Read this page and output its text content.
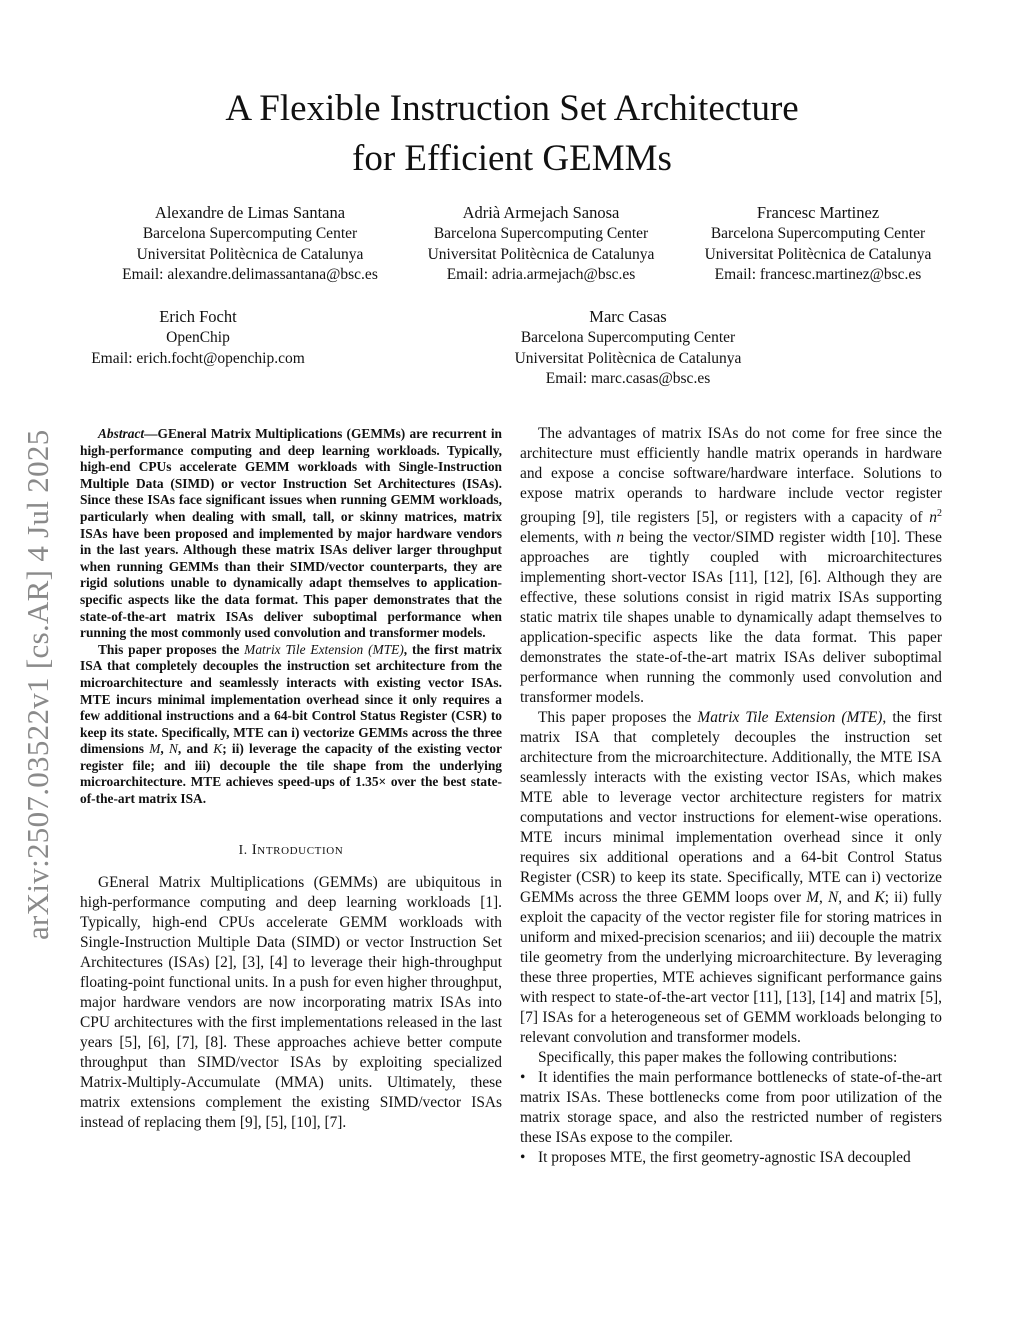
arXiv:2507.03522v1 [cs.AR] 4 Jul 2025
A Flexible Instruction Set Architecture
for Efficient GEMMs
Alexandre de Limas Santana
Barcelona Supercomputing Center
Universitat Politècnica de Catalunya
Email: alexandre.delimassantana@bsc.es
Adrià Armejach Sanosa
Barcelona Supercomputing Center
Universitat Politècnica de Catalunya
Email: adria.armejach@bsc.es
Francesc Martinez
Barcelona Supercomputing Center
Universitat Politècnica de Catalunya
Email: francesc.martinez@bsc.es
Erich Focht
OpenChip
Email: erich.focht@openchip.com
Marc Casas
Barcelona Supercomputing Center
Universitat Politècnica de Catalunya
Email: marc.casas@bsc.es

Abstract—GEneral Matrix Multiplications (GEMMs) are recurrent in high-performance computing and deep learning workloads. Typically, high-end CPUs accelerate GEMM workloads with Single-Instruction Multiple Data (SIMD) or vector Instruction Set Architectures (ISAs). Since these ISAs face significant issues when running GEMM workloads, particularly when dealing with small, tall, or skinny matrices, matrix ISAs have been proposed and implemented by major hardware vendors in the last years. Although these matrix ISAs deliver larger throughput when running GEMMs than their SIMD/vector counterparts, they are rigid solutions unable to dynamically adapt themselves to application-specific aspects like the data format. This paper demonstrates that the state-of-the-art matrix ISAs deliver suboptimal performance when running the most commonly used convolution and transformer models.

This paper proposes the Matrix Tile Extension (MTE), the first matrix ISA that completely decouples the instruction set architecture from the microarchitecture and seamlessly interacts with existing vector ISAs. MTE incurs minimal implementation overhead since it only requires a few additional instructions and a 64-bit Control Status Register (CSR) to keep its state. Specifically, MTE can i) vectorize GEMMs across the three dimensions M, N, and K; ii) leverage the capacity of the existing vector register file; and iii) decouple the tile shape from the underlying microarchitecture. MTE achieves speed-ups of 1.35× over the best state-of-the-art matrix ISA.

I. Introduction

GEneral Matrix Multiplications (GEMMs) are ubiquitous in high-performance computing and deep learning workloads [1]. Typically, high-end CPUs accelerate GEMM workloads with Single-Instruction Multiple Data (SIMD) or vector Instruction Set Architectures (ISAs) [2], [3], [4] to leverage their high-throughput floating-point functional units. In a push for even higher throughput, major hardware vendors are now incorporating matrix ISAs into CPU architectures with the first implementations released in the last years [5], [6], [7], [8]. These approaches achieve better compute throughput than SIMD/vector ISAs by exploiting specialized Matrix-Multiply-Accumulate (MMA) units. Ultimately, these matrix extensions complement the existing SIMD/vector ISAs instead of replacing them [9], [5], [10], [7].

The advantages of matrix ISAs do not come for free since the architecture must efficiently handle matrix operands in hardware and expose a concise software/hardware interface. Solutions to expose matrix operands to hardware include vector register grouping [9], tile registers [5], or registers with a capacity of $n^2$ elements, with n being the vector/SIMD register width [10]. These approaches are tightly coupled with microarchitectures implementing short-vector ISAs [11], [12], [6]. Although they are effective, these solutions consist in rigid matrix ISAs supporting static matrix tile shapes unable to dynamically adapt themselves to application-specific aspects like the data format. This paper demonstrates the state-of-the-art matrix ISAs deliver suboptimal performance when running the commonly used convolution and transformer models.

This paper proposes the Matrix Tile Extension (MTE), the first matrix ISA that completely decouples the instruction set architecture from the microarchitecture. Additionally, the MTE ISA seamlessly interacts with the existing vector ISAs, which makes MTE able to leverage vector architecture registers for matrix computations and vector instructions for element-wise operations. MTE incurs minimal implementation overhead since it only requires six additional operations and a 64-bit Control Status Register (CSR) to keep its state. Specifically, MTE can i) vectorize GEMMs across the three GEMM loops over M, N, and K; ii) fully exploit the capacity of the vector register file for storing matrices in uniform and mixed-precision scenarios; and iii) decouple the matrix tile geometry from the underlying microarchitecture. By leveraging these three properties, MTE achieves significant performance gains with respect to state-of-the-art vector [11], [13], [14] and matrix [5], [7] ISAs for a heterogeneous set of GEMM workloads belonging to relevant convolution and transformer models.

Specifically, this paper makes the following contributions:

• It identifies the main performance bottlenecks of state-of-the-art matrix ISAs. These bottlenecks come from poor utilization of the matrix storage space, and also the restricted number of registers these ISAs expose to the compiler.

• It proposes MTE, the first geometry-agnostic ISA decoupled
